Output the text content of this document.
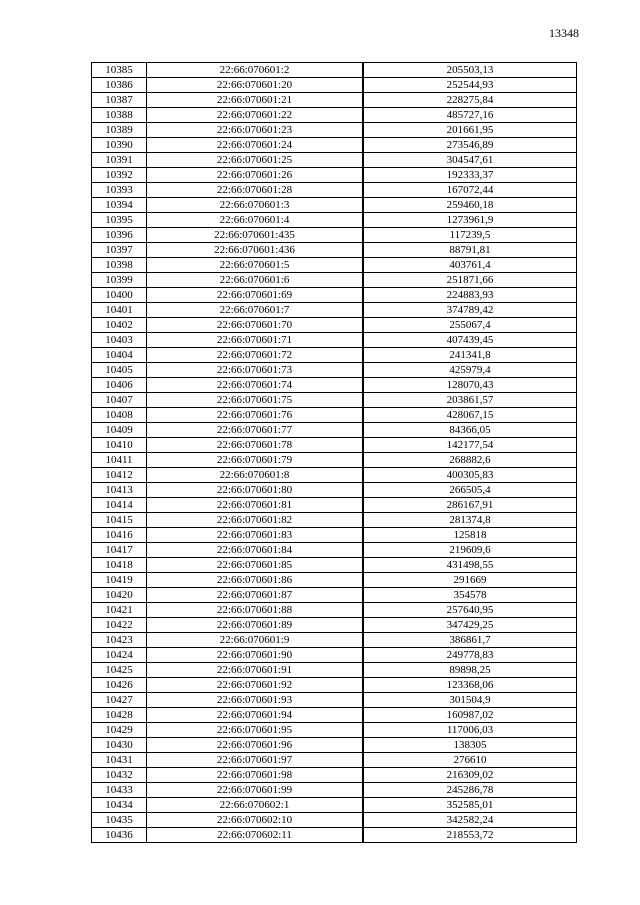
13348
10385	22:66:070601:2	205503,13
10386	22:66:070601:20	252544,93
10387	22:66:070601:21	228275,84
10388	22:66:070601:22	485727,16
10389	22:66:070601:23	201661,95
10390	22:66:070601:24	273546,89
10391	22:66:070601:25	304547,61
10392	22:66:070601:26	192333,37
10393	22:66:070601:28	167072,44
10394	22:66:070601:3	259460,18
10395	22:66:070601:4	1273961,9
10396	22:66:070601:435	117239,5
10397	22:66:070601:436	88791,81
10398	22:66:070601:5	403761,4
10399	22:66:070601:6	251871,66
10400	22:66:070601:69	224883,93
10401	22:66:070601:7	374789,42
10402	22:66:070601:70	255067,4
10403	22:66:070601:71	407439,45
10404	22:66:070601:72	241341,8
10405	22:66:070601:73	425979,4
10406	22:66:070601:74	128070,43
10407	22:66:070601:75	203861,57
10408	22:66:070601:76	428067,15
10409	22:66:070601:77	84366,05
10410	22:66:070601:78	142177,54
10411	22:66:070601:79	268882,6
10412	22:66:070601:8	400305,83
10413	22:66:070601:80	266505,4
10414	22:66:070601:81	286167,91
10415	22:66:070601:82	281374,8
10416	22:66:070601:83	125818
10417	22:66:070601:84	219609,6
10418	22:66:070601:85	431498,55
10419	22:66:070601:86	291669
10420	22:66:070601:87	354578
10421	22:66:070601:88	257640,95
10422	22:66:070601:89	347429,25
10423	22:66:070601:9	386861,7
10424	22:66:070601:90	249778,83
10425	22:66:070601:91	89898,25
10426	22:66:070601:92	123368,06
10427	22:66:070601:93	301504,9
10428	22:66:070601:94	160987,02
10429	22:66:070601:95	117006,03
10430	22:66:070601:96	138305
10431	22:66:070601:97	276610
10432	22:66:070601:98	216309,02
10433	22:66:070601:99	245286,78
10434	22:66:070602:1	352585,01
10435	22:66:070602:10	342582,24
10436	22:66:070602:11	218553,72
